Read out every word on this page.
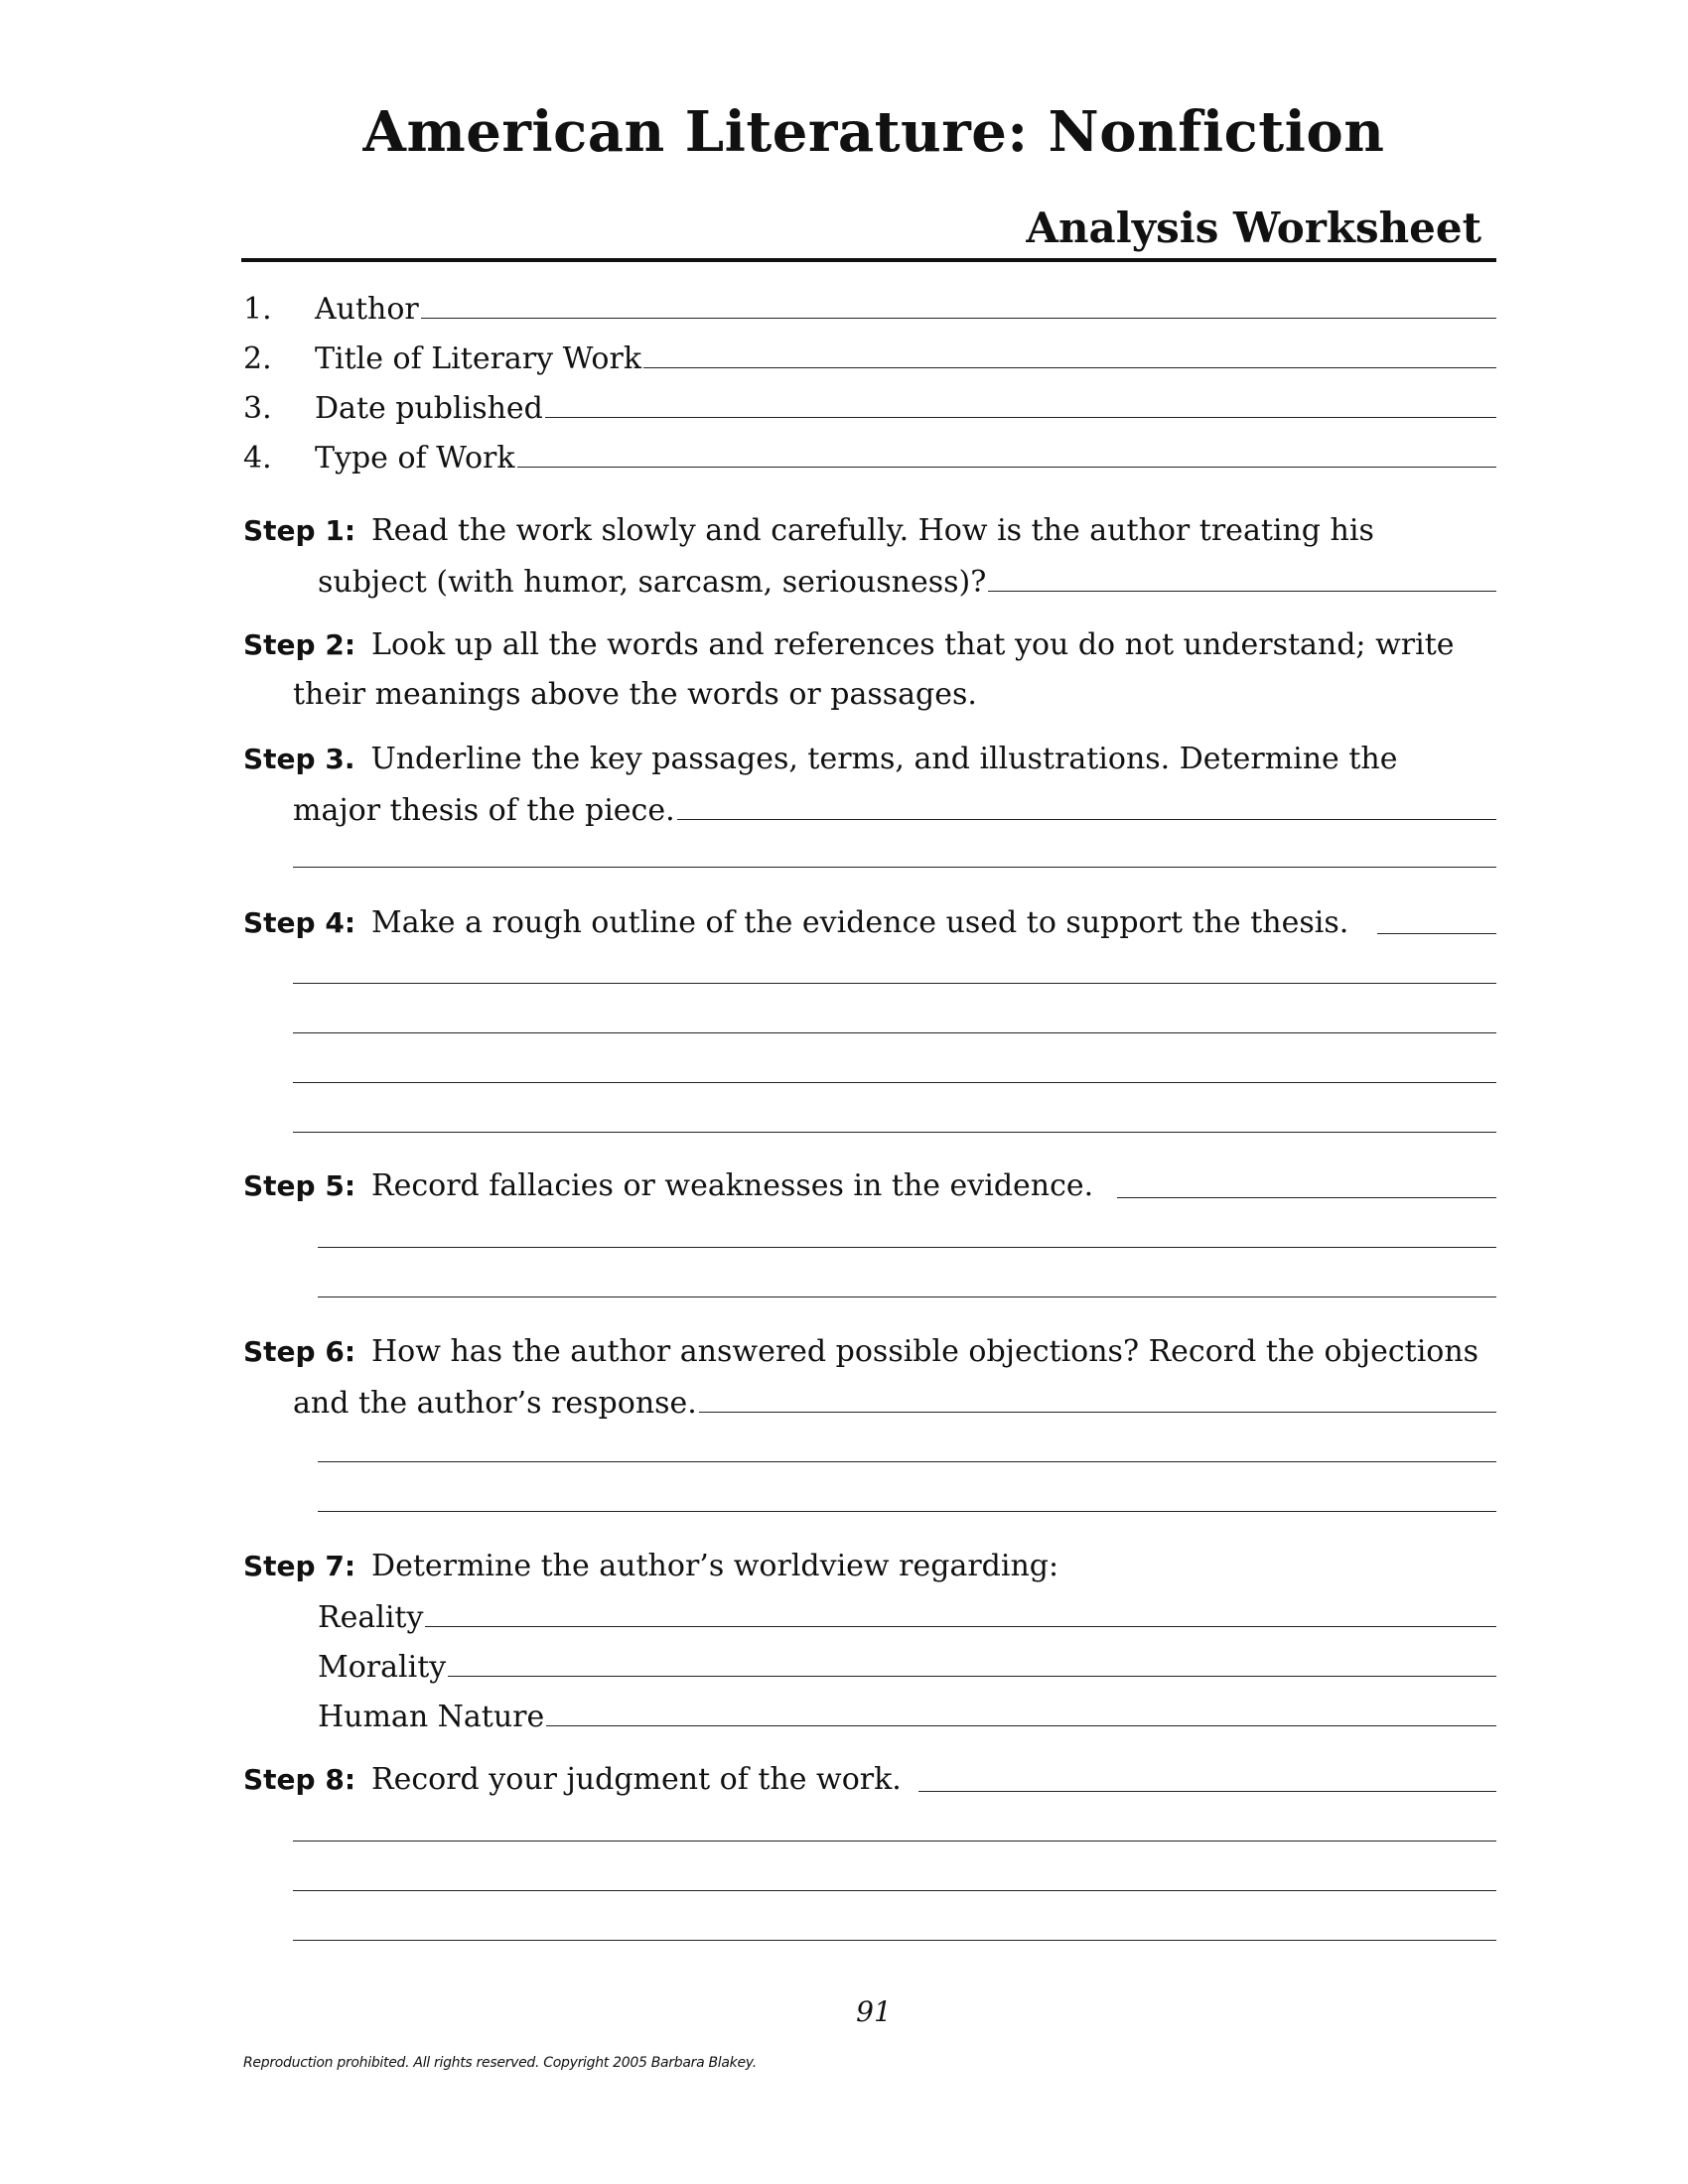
American Literature: Nonfiction
Analysis Worksheet
1.	Author
2.	Title of Literary Work
3.	Date published
4.	Type of Work
Step 1: Read the work slowly and carefully. How is the author treating his
subject (with humor, sarcasm, seriousness)?
Step 2: Look up all the words and references that you do not understand; write
their meanings above the words or passages.
Step 3. Underline the key passages, terms, and illustrations. Determine the
major thesis of the piece.
Step 4: Make a rough outline of the evidence used to support the thesis.
Step 5: Record fallacies or weaknesses in the evidence.
Step 6: How has the author answered possible objections? Record the objections
and the author’s response.
Step 7: Determine the author’s worldview regarding:
Reality
Morality
Human Nature
Step 8: Record your judgment of the work.
91
Reproduction prohibited. All rights reserved. Copyright 2005 Barbara Blakey.
